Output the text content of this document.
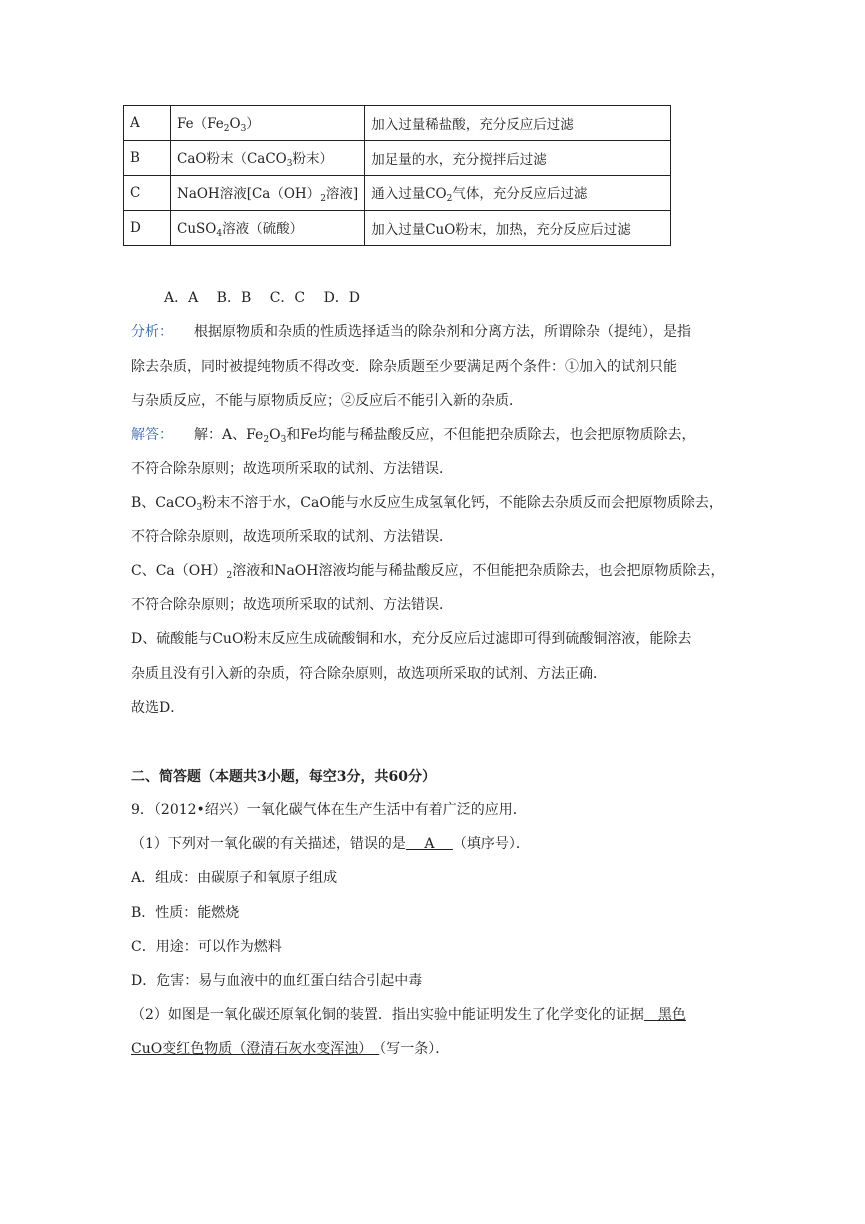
A	$Fe(Fe_2O_3)$	加入过量稀盐酸，充分反应后过滤
B	CaO粉末（CaCO$_3$粉末）	加足量的水，充分搅拌后过滤
C	NaOH溶液[$Ca(OH)_2$溶液]	通入过量$CO_2$气体，充分反应后过滤
D	CuSO$_4$溶液（硫酸）	加入过量CuO粉末，加热，充分反应后过滤
A．A　 B．B　 C．C　 D．D
分析：　　根据原物质和杂质的性质选择适当的除杂剂和分离方法，所谓除杂（提纯），是指
除去杂质，同时被提纯物质不得改变．除杂质题至少要满足两个条件：①加入的试剂只能
与杂质反应，不能与原物质反应；②反应后不能引入新的杂质．
解答：　　解：A、$Fe_2O_3$和Fe均能与稀盐酸反应，不但能把杂质除去，也会把原物质除去，
不符合除杂原则；故选项所采取的试剂、方法错误．
B、CaCO$_3$粉末不溶于水，CaO能与水反应生成氢氧化钙，不能除去杂质反而会把原物质除去，
不符合除杂原则，故选项所采取的试剂、方法错误．
C、$Ca(OH)_2$溶液和NaOH溶液均能与稀盐酸反应，不但能把杂质除去，也会把原物质除去，
不符合除杂原则；故选项所采取的试剂、方法错误．
D、硫酸能与CuO粉末反应生成硫酸铜和水，充分反应后过滤即可得到硫酸铜溶液，能除去
杂质且没有引入新的杂质，符合除杂原则，故选项所采取的试剂、方法正确．
故选D．
二、简答题（本题共3小题，每空3分，共60分）
9．（2012•绍兴）一氧化碳气体在生产生活中有着广泛的应用．
（1）下列对一氧化碳的有关描述，错误的是　 A　 （填序号）．
A．组成：由碳原子和氧原子组成
B．性质：能燃烧
C．用途：可以作为燃料
D．危害：易与血液中的血红蛋白结合引起中毒
（2）如图是一氧化碳还原氧化铜的装置．指出实验中能证明发生了化学变化的证据　黑色
CuO变红色物质（澄清石灰水变浑浊）　（写一条）．
